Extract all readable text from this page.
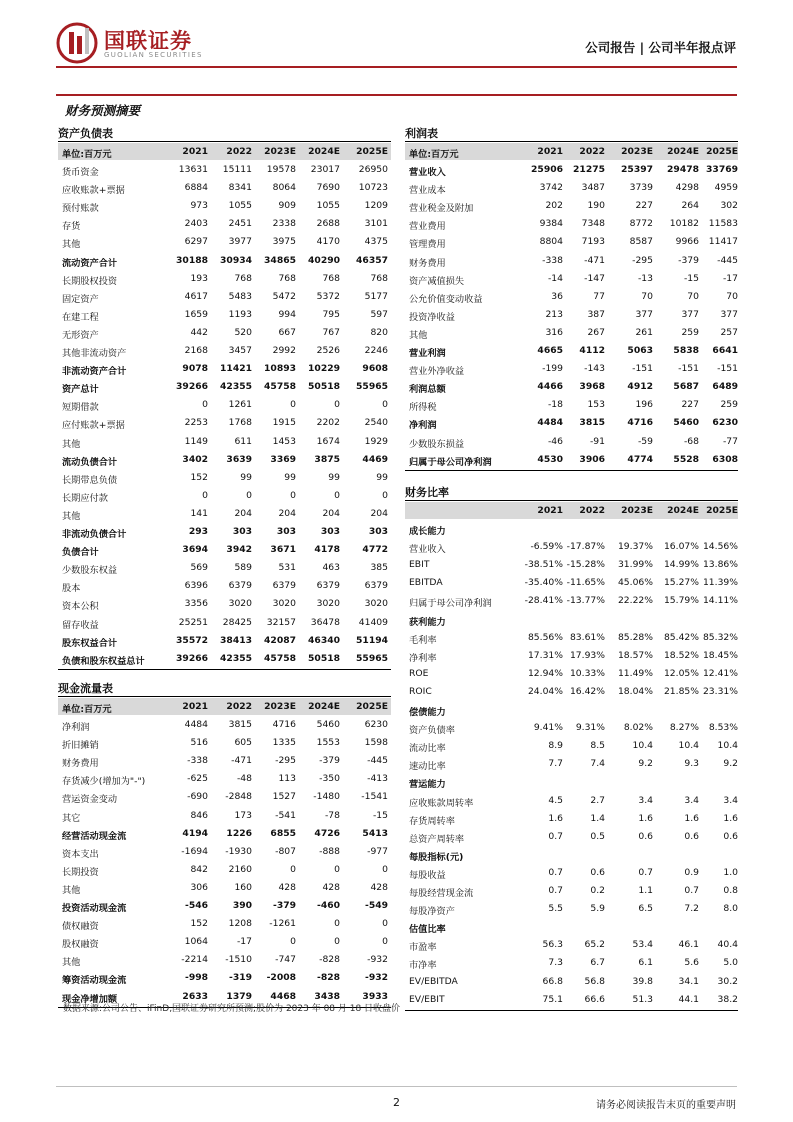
国联证券
GUOLIAN SECURITIES	公司报告 | 公司半年报点评
财务预测摘要
资产负债表
单位:百万元	2021 2022 2023E 2024E 2025E
货币资金	13631 15111 19578 23017 26950
应收账款+票据	6884 8341 8064 7690 10723
预付账款	973 1055	909 1055	1209
存货	2403 2451 2338 2688	3101
其他	6297 3977 3975 4170	4375
流动资产合计	30188 30934 34865 40290 46357
长期股权投资	193	768	768	768	768
固定资产	4617 5483 5472 5372	5177
在建工程	1659 1193	994	795	597
无形资产	442	520	667	767	820
其他非流动资产	2168 3457 2992 2526	2246
非流动资产合计	9078 11421 10893 10229 9608
资产总计	39266 42355 45758 50518 55965
短期借款	0 1261	0	0	0
应付账款+票据	2253 1768 1915 2202	2540
其他	1149	611 1453 1674	1929
流动负债合计	3402 3639 3369 3875 4469
长期带息负债	152	99	99	99	99
长期应付款	0	0	0	0	0
其他	141	204	204	204	204
非流动负债合计	293	303	303	303	303
负债合计	3694 3942 3671 4178 4772
少数股东权益	569	589	531	463	385
股本	6396 6379 6379 6379	6379
资本公积	3356 3020 3020 3020	3020
留存收益	25251 28425 32157 36478 41409
股东权益合计	35572 38413 42087 46340 51194
负债和股东权益总计	39266 42355 45758 50518 55965
利润表
单位:百万元	2021 2022 2023E 2024E 2025E
营业收入	25906 21275 25397 29478 33769
营业成本	3742 3487	3739 4298 4959
营业税金及附加	202	190	227	264 302
营业费用	9384 7348	8772 10182 11583
管理费用	8804 7193	8587 9966 11417
财务费用	-338 -471	-295	-379 -445
资产减值损失	-14 -147	-13	-15	-17
公允价值变动收益	36	77	70	70	70
投资净收益	213	387	377	377 377
其他	316	267	261	259 257
营业利润	4665 4112 5063 5838 6641
营业外净收益	-199 -143	-151	-151 -151
利润总额	4466 3968 4912 5687 6489
所得税	-18	153	196	227 259
净利润	4484 3815 4716 5460 6230
少数股东损益	-46	-91	-59	-68	-77
归属于母公司净利润	4530 3906 4774 5528 6308
财务比率
2021 2022 2023E 2024E 2025E
成长能力
营业收入	-6.59% -17.87% 19.37% 16.07% 14.56%
EBIT	-38.51% -15.28% 31.99% 14.99% 13.86%
EBITDA	-35.40% -11.65% 45.06% 15.27% 11.39%
归属于母公司净利润	-28.41% -13.77% 22.22% 15.79% 14.11%
获利能力
毛利率	85.56% 83.61% 85.28% 85.42% 85.32%
净利率	17.31% 17.93% 18.57% 18.52% 18.45%
ROE	12.94% 10.33% 11.49% 12.05% 12.41%
ROIC	24.04% 16.42% 18.04% 21.85% 23.31%
偿债能力
资产负债率	9.41% 9.31% 8.02% 8.27% 8.53%
流动比率	8.9	8.5	10.4	10.4 10.4
速动比率	7.7	7.4	9.2	9.3	9.2
营运能力
应收账款周转率	4.5	2.7	3.4	3.4	3.4
存货周转率	1.6	1.4	1.6	1.6	1.6
总资产周转率	0.7	0.5	0.6	0.6	0.6
每股指标(元)
每股收益	0.7	0.6	0.7	0.9	1.0
每股经营现金流	0.7	0.2	1.1	0.7	0.8
每股净资产	5.5	5.9	6.5	7.2	8.0
估值比率
市盈率	56.3 65.2	53.4	46.1 40.4
市净率	7.3	6.7	6.1	5.6	5.0
EV/EBITDA	66.8 56.8	39.8	34.1 30.2
EV/EBIT	75.1 66.6	51.3	44.1 38.2
现金流量表
单位:百万元	2021 2022 2023E 2024E 2025E
净利润	4484 3815 4716 5460	6230
折旧摊销	516	605 1335 1553	1598
财务费用	-338	-471	-295	-379	-445
存货减少(增加为"-")	-625	-48	113	-350	-413
营运资金变动	-690 -2848 1527 -1480 -1541
其它	846	173	-541	-78	-15
经营活动现金流	4194 1226 6855 4726 5413
资本支出	-1694 -1930	-807	-888	-977
长期投资	842 2160	0	0	0
其他	306	160	428	428	428
投资活动现金流	-546	390 -379 -460	-549
债权融资	152 1208 -1261	0	0
股权融资	1064	-17	0	0	0
其他	-2214 -1510	-747	-828	-932
筹资活动现金流	-998 -319 -2008 -828	-932
现金净增加额	2633 1379 4468 3438 3933
数据来源:公司公告、iFinD,国联证券研究所预测;股价为 2023 年 08 月 18 日收盘价
2	请务必阅读报告末页的重要声明
